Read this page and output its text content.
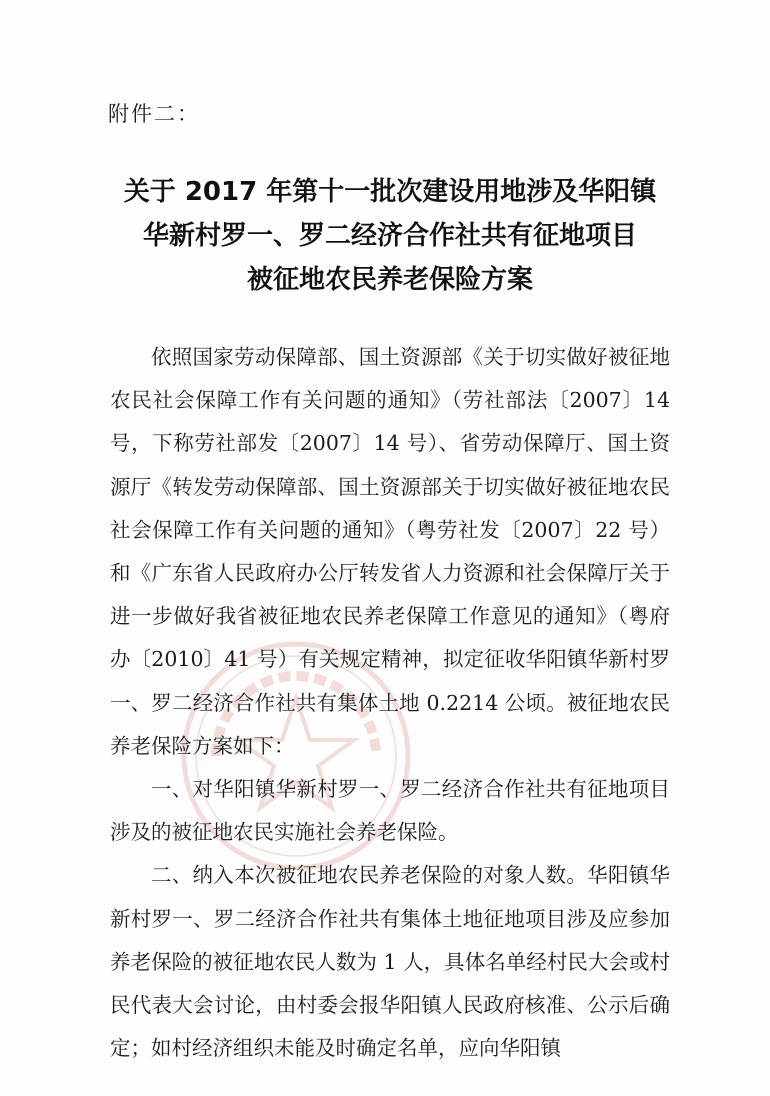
附件二：

关于 2017 年第十一批次建设用地涉及华阳镇
华新村罗一、罗二经济合作社共有征地项目
被征地农民养老保险方案

依照国家劳动保障部、国土资源部《关于切实做好被征地农民社会保障工作有关问题的通知》（劳社部法〔2007〕14号，下称劳社部发〔2007〕14 号）、省劳动保障厅、国土资源厅《转发劳动保障部、国土资源部关于切实做好被征地农民社会保障工作有关问题的通知》（粤劳社发〔2007〕22 号）和《广东省人民政府办公厅转发省人力资源和社会保障厅关于进一步做好我省被征地农民养老保障工作意见的通知》（粤府办〔2010〕41 号）有关规定精神，拟定征收华阳镇华新村罗一、罗二经济合作社共有集体土地 0.2214 公顷。被征地农民养老保险方案如下：

一、对华阳镇华新村罗一、罗二经济合作社共有征地项目涉及的被征地农民实施社会养老保险。

二、纳入本次被征地农民养老保险的对象人数。华阳镇华新村罗一、罗二经济合作社共有集体土地征地项目涉及应参加养老保险的被征地农民人数为 1 人，具体名单经村民大会或村民代表大会讨论，由村委会报华阳镇人民政府核准、公示后确定；如村经济组织未能及时确定名单，应向华阳镇
